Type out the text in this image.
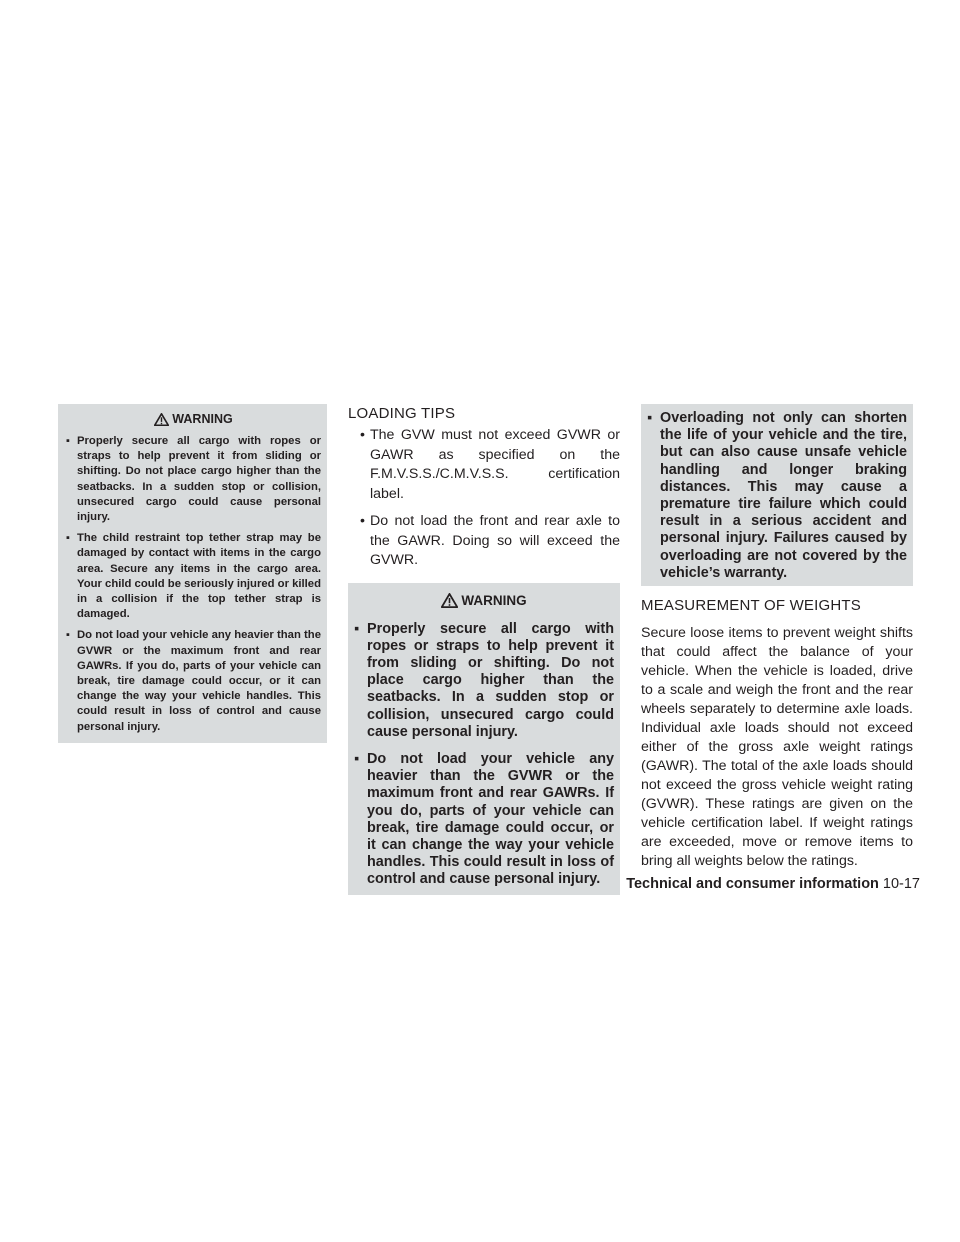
WARNING
▪ Properly secure all cargo with ropes or straps to help prevent it from sliding or shifting. Do not place cargo higher than the seatbacks. In a sudden stop or collision, unsecured cargo could cause personal injury.
▪ The child restraint top tether strap may be damaged by contact with items in the cargo area. Secure any items in the cargo area. Your child could be seriously injured or killed in a collision if the top tether strap is damaged.
▪ Do not load your vehicle any heavier than the GVWR or the maximum front and rear GAWRs. If you do, parts of your vehicle can break, tire damage could occur, or it can change the way your vehicle handles. This could result in loss of control and cause personal injury.
LOADING TIPS
• The GVW must not exceed GVWR or GAWR as specified on the F.M.V.S.S./C.M.V.S.S. certification label.
• Do not load the front and rear axle to the GAWR. Doing so will exceed the GVWR.
WARNING
▪ Properly secure all cargo with ropes or straps to help prevent it from sliding or shifting. Do not place cargo higher than the seatbacks. In a sudden stop or collision, unsecured cargo could cause personal injury.
▪ Do not load your vehicle any heavier than the GVWR or the maximum front and rear GAWRs. If you do, parts of your vehicle can break, tire damage could occur, or it can change the way your vehicle handles. This could result in loss of control and cause personal injury.
▪ Overloading not only can shorten the life of your vehicle and the tire, but can also cause unsafe vehicle handling and longer braking distances. This may cause a premature tire failure which could result in a serious accident and personal injury. Failures caused by overloading are not covered by the vehicle’s warranty.
MEASUREMENT OF WEIGHTS

Secure loose items to prevent weight shifts that could affect the balance of your vehicle. When the vehicle is loaded, drive to a scale and weigh the front and the rear wheels separately to determine axle loads. Individual axle loads should not exceed either of the gross axle weight ratings (GAWR). The total of the axle loads should not exceed the gross vehicle weight rating (GVWR). These ratings are given on the vehicle certification label. If weight ratings are exceeded, move or remove items to bring all weights below the ratings.

Technical and consumer information 10-17
